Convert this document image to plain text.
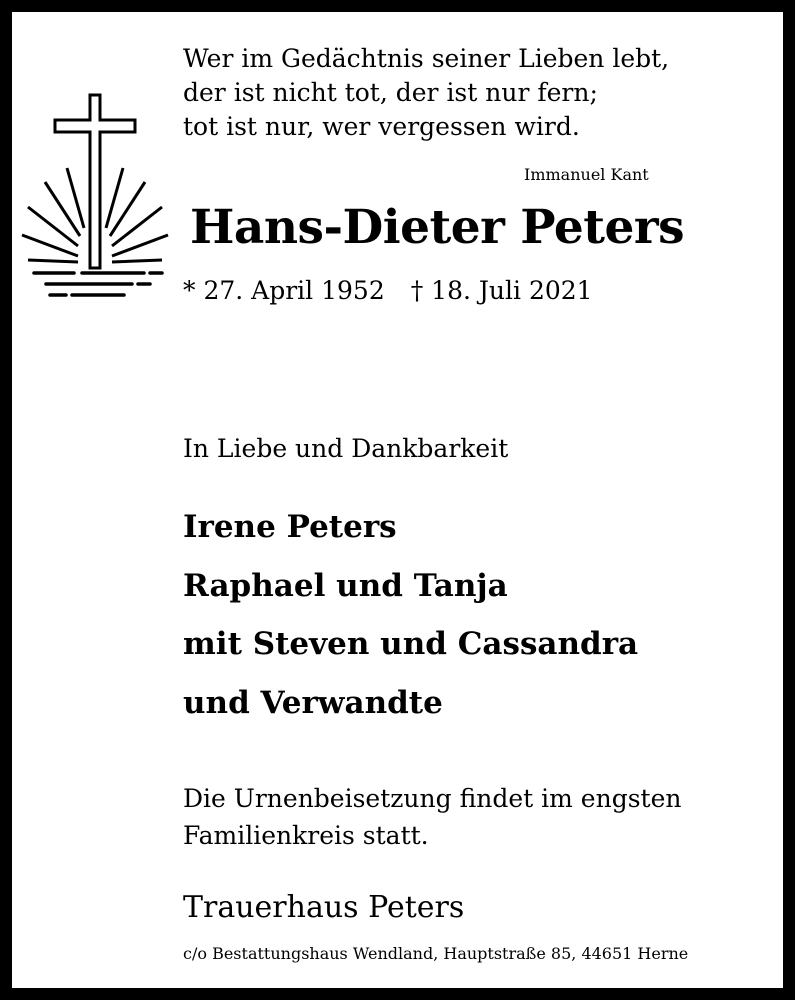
Wer im Gedächtnis seiner Lieben lebt,
der ist nicht tot, der ist nur fern;
tot ist nur, wer vergessen wird.
Immanuel Kant
Hans-Dieter Peters
* 27. April 1952 † 18. Juli 2021
In Liebe und Dankbarkeit
Irene Peters
Raphael und Tanja
mit Steven und Cassandra
und Verwandte
Die Urnenbeisetzung findet im engsten
Familienkreis statt.
Trauerhaus Peters
c/o Bestattungshaus Wendland, Hauptstraße 85, 44651 Herne
